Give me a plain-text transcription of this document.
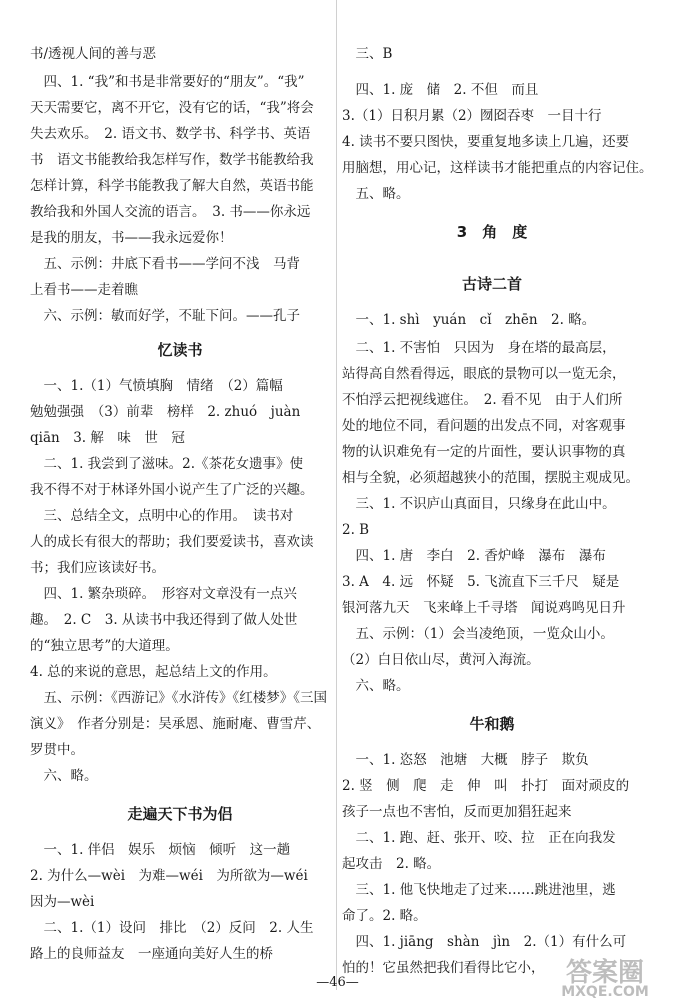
书/透视人间的善与恶
　四、1. “我”和书是非常要好的“朋友”。“我”
天天需要它，离不开它，没有它的话，“我”将会
失去欢乐。　2. 语文书、数学书、科学书、英语
书　语文书能教给我怎样写作，数学书能教给我
怎样计算，科学书能教我了解大自然，英语书能
教给我和外国人交流的语言。　3. 书——你永远
是我的朋友，书——我永远爱你！
　五、示例：井底下看书——学问不浅　马背
上看书——走着瞧
　六、示例：敏而好学，不耻下问。——孔子
忆读书
　一、1.（1）气愤填胸　情绪　（2）篇幅
勉勉强强　（3）前辈　榜样　2. zhuó　juàn
qiān　3. 解　味　世　冠
　二、1. 我尝到了滋味。2.《茶花女遗事》使
我不得不对于林译外国小说产生了广泛的兴趣。
　三、总结全文，点明中心的作用。　读书对
人的成长有很大的帮助；我们要爱读书，喜欢读
书；我们应该读好书。
　四、1. 繁杂琐碎。　形容对文章没有一点兴
趣。　2. C　3. 从读书中我还得到了做人处世
的“独立思考”的大道理。
4. 总的来说的意思，起总结上文的作用。
　五、示例：《西游记》《水浒传》《红楼梦》《三国
演义》　作者分别是：吴承恩、施耐庵、曹雪芹、
罗贯中。
　六、略。
走遍天下书为侣
　一、1. 伴侣　娱乐　烦恼　倾听　这一趟
2. 为什么—wèi　为难—wéi　为所欲为—wéi
因为—wèi
　二、1.（1）设问　排比　（2）反问　2. 人生
路上的良师益友　一座通向美好人生的桥
　三、B
　四、1. 庞　储　2. 不但　而且
3.（1）日积月累（2）囫囵吞枣　一目十行
4. 读书不要只图快，要重复地多读上几遍，还要
用脑想，用心记，这样读书才能把重点的内容记住。
　五、略。
3　角　度
古诗二首
　一、1. shì　yuán　cǐ　zhēn　2. 略。
　二、1. 不害怕　只因为　身在塔的最高层，
站得高自然看得远，眼底的景物可以一览无余，
不怕浮云把视线遮住。　2. 看不见　由于人们所
处的地位不同，看问题的出发点不同，对客观事
物的认识难免有一定的片面性，要认识事物的真
相与全貌，必须超越狭小的范围，摆脱主观成见。
　三、1. 不识庐山真面目，只缘身在此山中。
2. B
　四、1. 唐　李白　2. 香炉峰　瀑布　瀑布
3. A　4. 远　怀疑　5. 飞流直下三千尺　疑是
银河落九天　飞来峰上千寻塔　闻说鸡鸣见日升
　五、示例：（1）会当凌绝顶，一览众山小。
（2）白日依山尽，黄河入海流。
　六、略。
牛和鹅
　一、1. 恣怒　池塘　大概　脖子　欺负
2. 竖　侧　爬　走　伸　叫　扑打　面对顽皮的
孩子一点也不害怕，反而更加猖狂起来
　二、1. 跑、赶、张开、咬、拉　正在向我发
起攻击　2. 略。
　三、1. 他飞快地走了过来……跳进池里，逃
命了。2. 略。
　四、1. jiāng　shàn　jìn　2.（1）有什么可
怕的！它虽然把我们看得比它小，
—46—	答案圈
MXQE.COM
